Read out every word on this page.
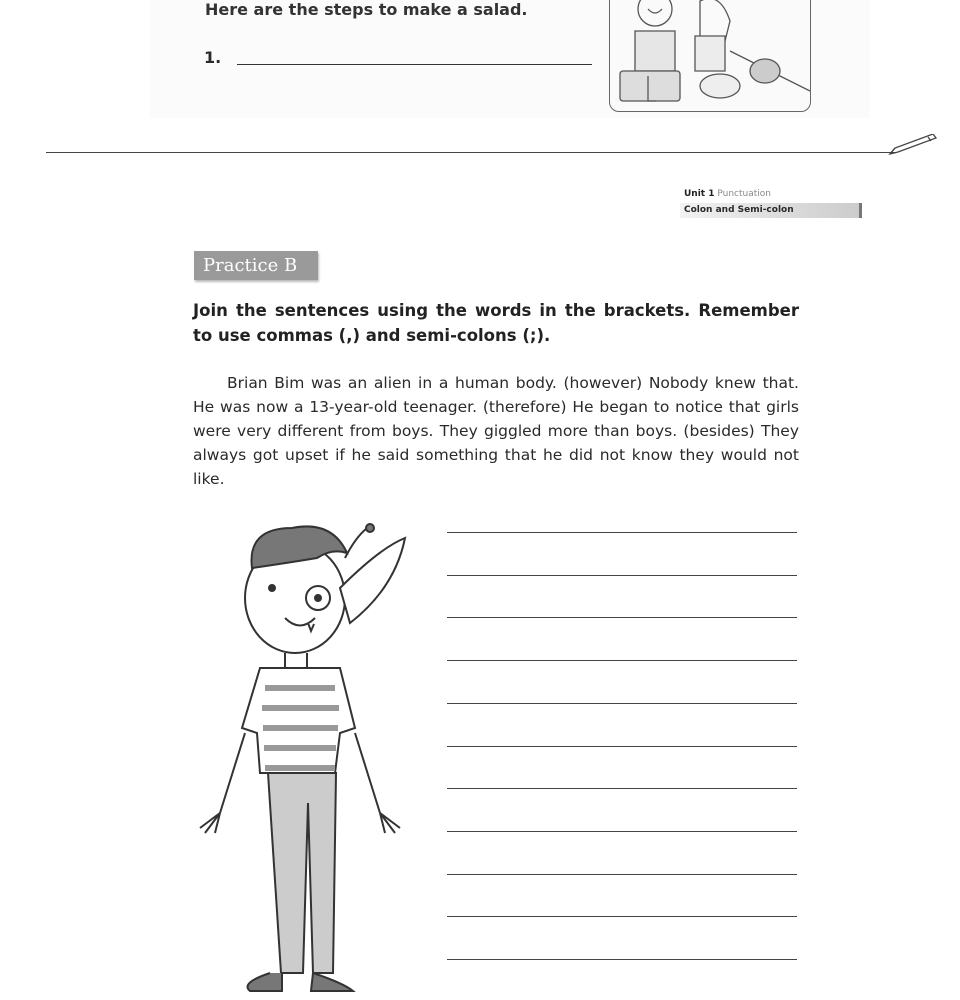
Here are the steps to make a salad.
1.
Unit 1 Punctuation
Colon and Semi-colon
Practice B
Join the sentences using the words in the brackets. Remember to use commas (,) and semi-colons (;).
Brian Bim was an alien in a human body. (however) Nobody knew that. He was now a 13-year-old teenager. (therefore) He began to notice that girls were very different from boys. They giggled more than boys. (besides) They always got upset if he said something that he did not know they would not like.
